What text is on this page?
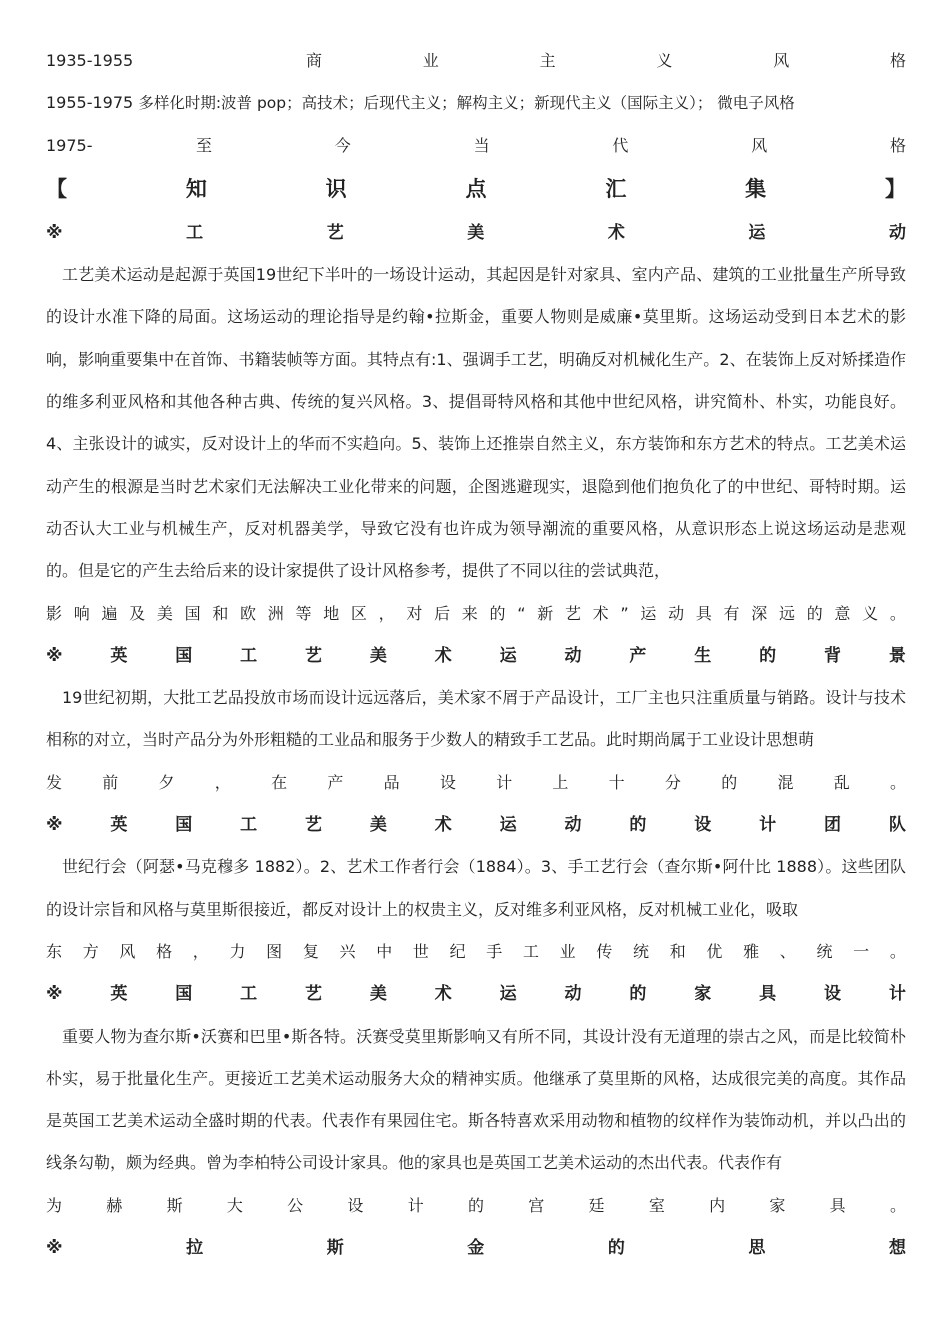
1935-1955	商	业	主	义	风	格
1955-1975 多样化时期:波普 pop；高技术；后现代主义；解构主义；新现代主义（国际主义）； 微电子风格
1975-	至	今	当	代	风	格
【	知	识	点	汇	集	】
※	工	艺	美	术	运	动
工艺美术运动是起源于英国19世纪下半叶的一场设计运动，其起因是针对家具、室内产品、建筑的工业批量生产所导致的设计水准下降的局面。这场运动的理论指导是约翰•拉斯金，重要人物则是威廉•莫里斯。这场运动受到日本艺术的影响，影响重要集中在首饰、书籍装帧等方面。其特点有:1、强调手工艺，明确反对机械化生产。2、在装饰上反对矫揉造作的维多利亚风格和其他各种古典、传统的复兴风格。3、提倡哥特风格和其他中世纪风格，讲究简朴、朴实，功能良好。4、主张设计的诚实，反对设计上的华而不实趋向。5、装饰上还推崇自然主义，东方装饰和东方艺术的特点。工艺美术运动产生的根源是当时艺术家们无法解决工业化带来的问题，企图逃避现实，退隐到他们抱负化了的中世纪、哥特时期。运动否认大工业与机械生产，反对机器美学，导致它没有也许成为领导潮流的重要风格，从意识形态上说这场运动是悲观的。但是它的产生去给后来的设计家提供了设计风格参考，提供了不同以往的尝试典范，
影 响 遍 及 美 国 和 欧 洲 等 地 区 ， 对 后 来 的 “ 新 艺 术 ” 运 动 具 有 深 远 的 意 义 。
※	英	国	工	艺	美	术	运	动	产	生	的	背	景
19世纪初期，大批工艺品投放市场而设计远远落后，美术家不屑于产品设计，工厂主也只注重质量与销路。设计与技术相称的对立，当时产品分为外形粗糙的工业品和服务于少数人的精致手工艺品。此时期尚属于工业设计思想萌
发	前	夕	，	在	产	品	设	计	上	十	分	的	混	乱	。
※	英	国	工	艺	美	术	运	动	的	设	计	团	队
世纪行会（阿瑟•马克穆多 1882）。2、艺术工作者行会（1884）。3、手工艺行会（查尔斯•阿什比 1888）。这些团队的设计宗旨和风格与莫里斯很接近，都反对设计上的权贵主义，反对维多利亚风格，反对机械工业化，吸取
东 方 风 格 ， 力 图 复 兴 中 世 纪 手 工 业 传 统 和 优 雅 、 统 一 。
※	英	国	工	艺	美	术	运	动	的	家	具	设	计
重要人物为查尔斯•沃赛和巴里•斯各特。沃赛受莫里斯影响又有所不同，其设计没有无道理的崇古之风，而是比较简朴朴实，易于批量化生产。更接近工艺美术运动服务大众的精神实质。他继承了莫里斯的风格，达成很完美的高度。其作品是英国工艺美术运动全盛时期的代表。代表作有果园住宅。斯各特喜欢采用动物和植物的纹样作为装饰动机，并以凸出的线条勾勒，颇为经典。曾为李柏特公司设计家具。他的家具也是英国工艺美术运动的杰出代表。代表作有
为	赫	斯	大	公	设	计	的	宫	廷	室	内	家	具	。
※	拉	斯	金	的	思	想
